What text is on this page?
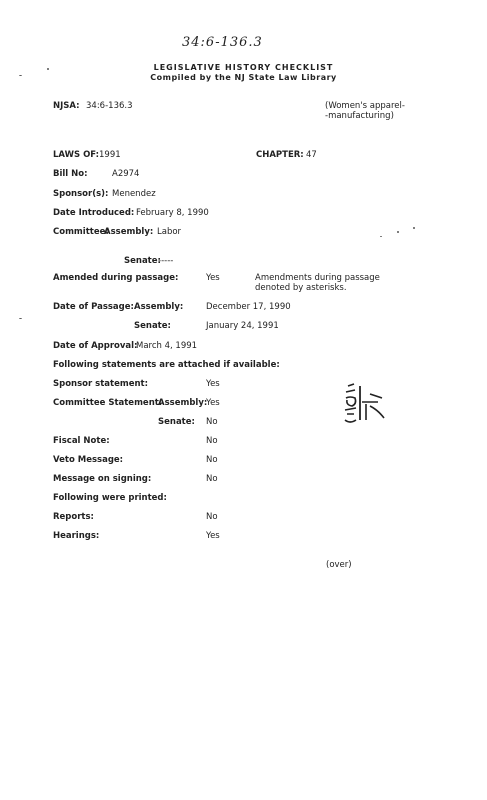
34:6-136.3
LEGISLATIVE HISTORY CHECKLIST
Compiled by the NJ State Law Library
NJSA: 34:6-136.3	(Women's apparel-
-manufacturing)
LAWS OF: 1991	CHAPTER: 47
Bill No:	A2974
Sponsor(s): Menendez
Date Introduced: February 8, 1990
Committee:
Assembly: Labor
Senate:
-----
Amended during passage:	Yes	Amendments during passage
denoted by asterisks.
Date of Passage: Assembly:	December 17, 1990
Senate:	January 24, 1991
Date of Approval:
March 4, 1991
Following statements are attached if available:
Sponsor statement:	Yes
Committee Statement:
Assembly:
Yes
Senate: No
Fiscal Note:	No
Veto Message:	No
Message on signing:	No
Following were printed:
Reports:	No
Hearings:	Yes
(over)
